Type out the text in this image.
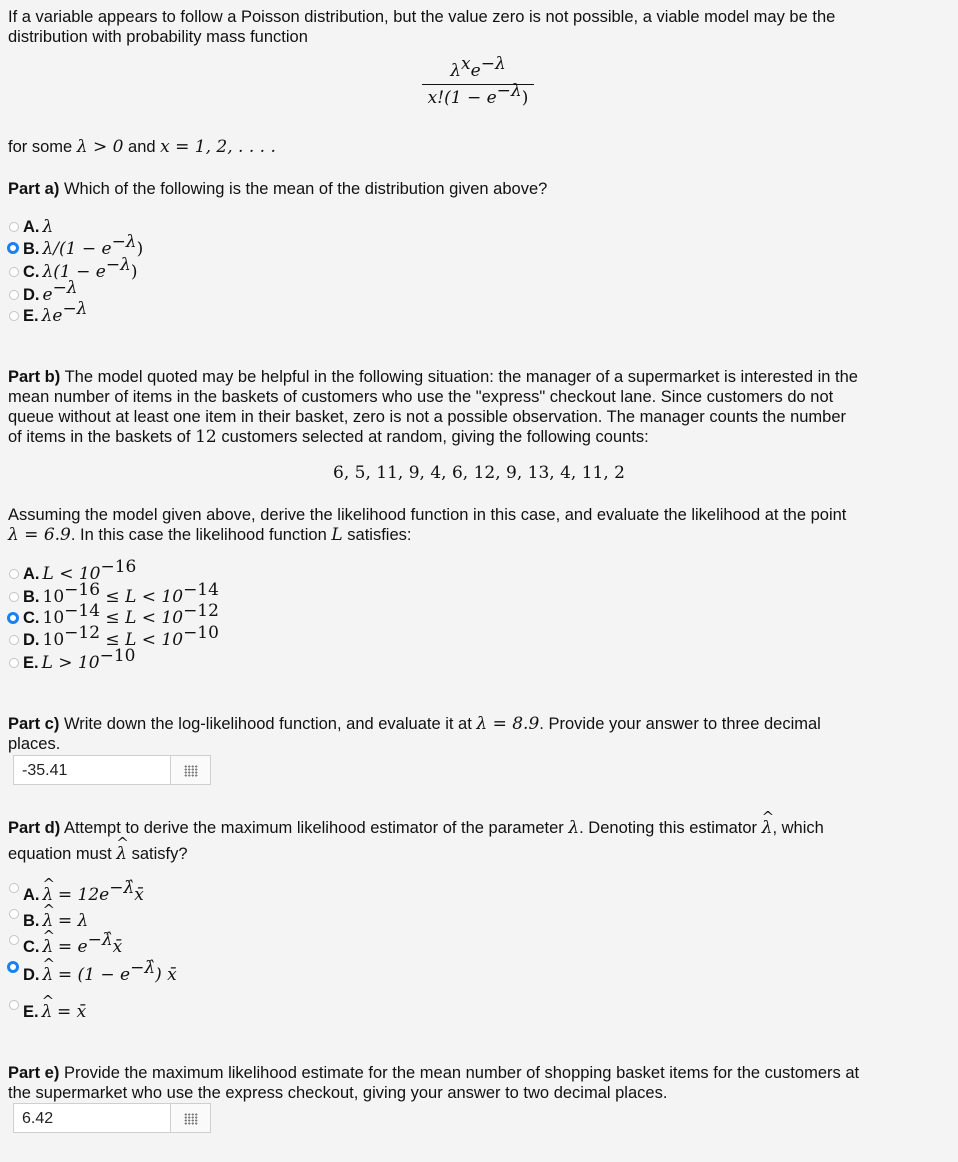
If a variable appears to follow a Poisson distribution, but the value zero is not possible, a viable model may be the
distribution with probability mass function
$\lambda^xe^{-\lambda}$
$x!(1 - e^{-\lambda})$
for some λ > 0 and x = 1, 2, . . . .
Part a) Which of the following is the mean of the distribution given above?
A. λ
B. $\lambda/(1 - e^{-\lambda})$
C. $\lambda(1 - e^{-\lambda})$
D. $e^{-\lambda}$
E. $\lambda e^{-\lambda}$
Part b) The model quoted may be helpful in the following situation: the manager of a supermarket is interested in the
mean number of items in the baskets of customers who use the "express" checkout lane. Since customers do not
queue without at least one item in their basket, zero is not a possible observation. The manager counts the number
of items in the baskets of 12 customers selected at random, giving the following counts:
6, 5, 11, 9, 4, 6, 12, 9, 13, 4, 11, 2
Assuming the model given above, derive the likelihood function in this case, and evaluate the likelihood at the point
λ = 6.9. In this case the likelihood function L satisfies:
A. $L < 10^{-16}$
B. $10^{-16} \le L < 10^{-14}$
C. $10^{-14} \le L < 10^{-12}$
D. $10^{-12} \le L < 10^{-10}$
E. $L > 10^{-10}$
Part c) Write down the log-likelihood function, and evaluate it at λ = 8.9. Provide your answer to three decimal
places.
-35.41
Part d) Attempt to derive the maximum likelihood estimator of the parameter λ. Denoting this estimator ^ λ, which
equation must ^ λ satisfy?
A. ^ $\lambda = 12e^{-\lambdâ}x̄$
B. ^ λ = λ
C. ^ $\lambda = e^{-\lambdâ}x̄$
D. ^ $\lambda = (1 - e^{-\lambdâ})$ x̄
E. ^ λ = x̄
Part e) Provide the maximum likelihood estimate for the mean number of shopping basket items for the customers at
the supermarket who use the express checkout, giving your answer to two decimal places.
6.42
